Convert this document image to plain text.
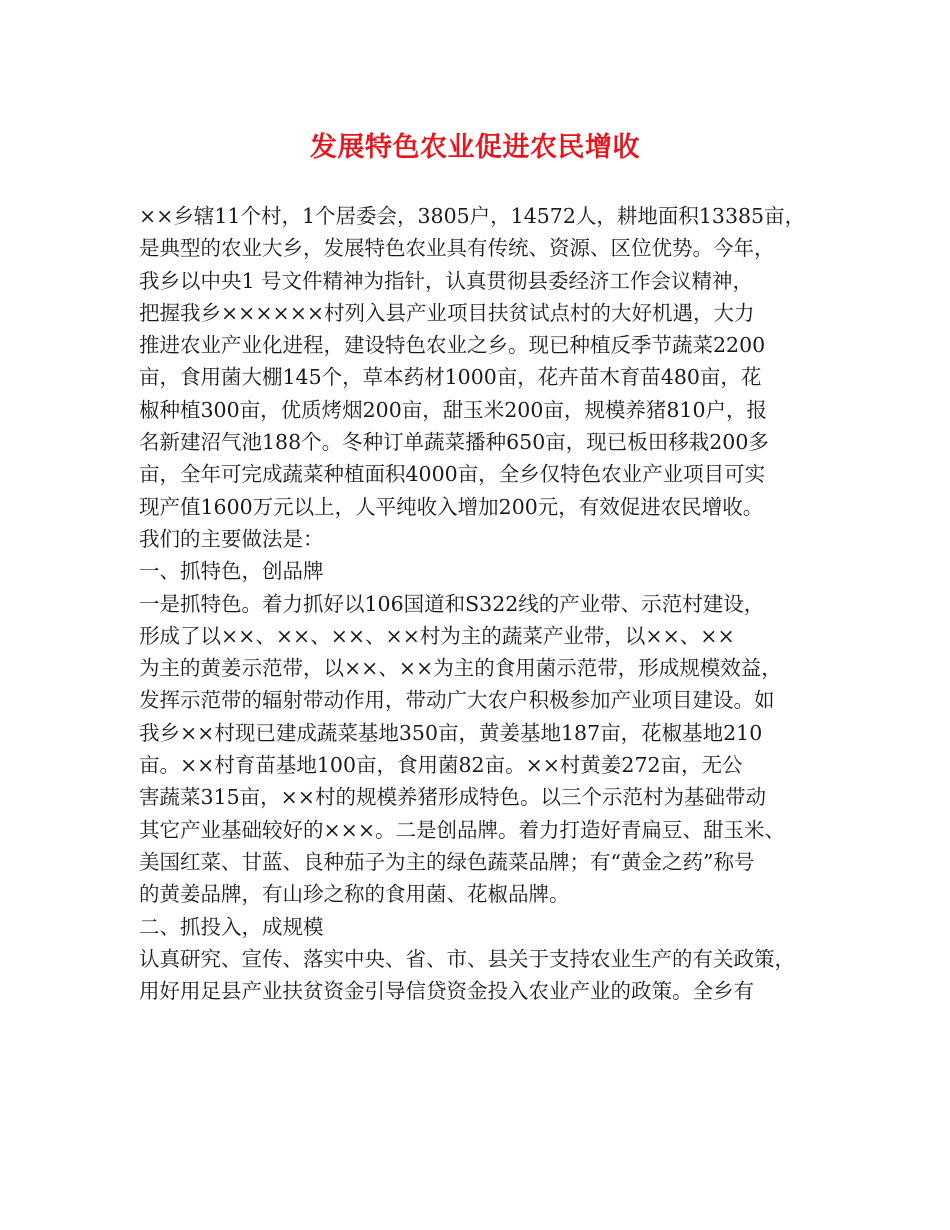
发展特色农业促进农民增收
××乡辖11个村，1个居委会，3805户，14572人，耕地面积13385亩，
是典型的农业大乡，发展特色农业具有传统、资源、区位优势。今年，
我乡以中央1 号文件精神为指针，认真贯彻县委经济工作会议精神，
把握我乡××××××村列入县产业项目扶贫试点村的大好机遇，大力
推进农业产业化进程，建设特色农业之乡。现已种植反季节蔬菜2200
亩，食用菌大棚145个，草本药材1000亩，花卉苗木育苗480亩，花
椒种植300亩，优质烤烟200亩，甜玉米200亩，规模养猪810户，报
名新建沼气池188个。冬种订单蔬菜播种650亩，现已板田移栽200多
亩，全年可完成蔬菜种植面积4000亩，全乡仅特色农业产业项目可实
现产值1600万元以上，人平纯收入增加200元，有效促进农民增收。
我们的主要做法是：
一、抓特色，创品牌
一是抓特色。着力抓好以106国道和S322线的产业带、示范村建设，
形成了以××、××、××、××村为主的蔬菜产业带，以××、××
为主的黄姜示范带，以××、××为主的食用菌示范带，形成规模效益，
发挥示范带的辐射带动作用，带动广大农户积极参加产业项目建设。如
我乡××村现已建成蔬菜基地350亩，黄姜基地187亩，花椒基地210
亩。××村育苗基地100亩，食用菌82亩。××村黄姜272亩，无公
害蔬菜315亩，××村的规模养猪形成特色。以三个示范村为基础带动
其它产业基础较好的×××。二是创品牌。着力打造好青扁豆、甜玉米、
美国红菜、甘蓝、良种茄子为主的绿色蔬菜品牌；有“黄金之药”称号
的黄姜品牌，有山珍之称的食用菌、花椒品牌。
二、抓投入，成规模
认真研究、宣传、落实中央、省、市、县关于支持农业生产的有关政策，
用好用足县产业扶贫资金引导信贷资金投入农业产业的政策。全乡有
